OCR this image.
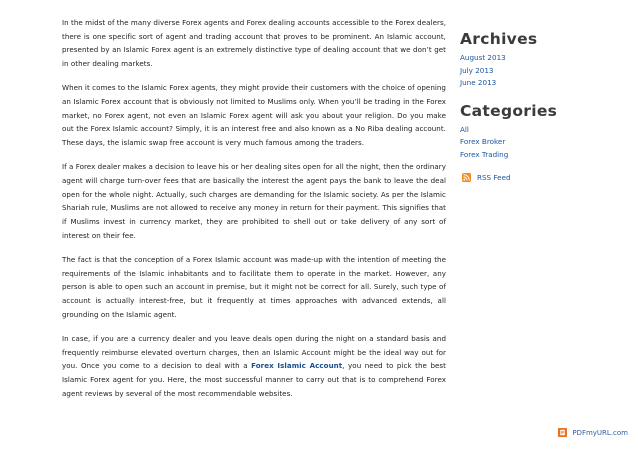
In the midst of the many diverse Forex agents and Forex dealing accounts accessible to the Forex dealers, there is one specific sort of agent and trading account that proves to be prominent. An Islamic account, presented by an Islamic Forex agent is an extremely distinctive type of dealing account that we don’t get in other dealing markets.

When it comes to the Islamic Forex agents, they might provide their customers with the choice of opening an Islamic Forex account that is obviously not limited to Muslims only. When you’ll be trading in the Forex market, no Forex agent, not even an Islamic Forex agent will ask you about your religion. Do you make out the Forex Islamic account? Simply, it is an interest free and also known as a No Riba dealing account. These days, the islamic swap free account is very much famous among the traders.

If a Forex dealer makes a decision to leave his or her dealing sites open for all the night, then the ordinary agent will charge turn-over fees that are basically the interest the agent pays the bank to leave the deal open for the whole night. Actually, such charges are demanding for the Islamic society. As per the Islamic Shariah rule, Muslims are not allowed to receive any money in return for their payment. This signifies that if Muslims invest in currency market, they are prohibited to shell out or take delivery of any sort of interest on their fee.

The fact is that the conception of a Forex Islamic account was made-up with the intention of meeting the requirements of the Islamic inhabitants and to facilitate them to operate in the market. However, any person is able to open such an account in premise, but it might not be correct for all. Surely, such type of account is actually interest-free, but it frequently at times approaches with advanced extends, all grounding on the Islamic agent.

In case, if you are a currency dealer and you leave deals open during the night on a standard basis and frequently reimburse elevated overturn charges, then an Islamic Account might be the ideal way out for you. Once you come to a decision to deal with a Forex Islamic Account, you need to pick the best Islamic Forex agent for you. Here, the most successful manner to carry out that is to comprehend Forex agent reviews by several of the most recommendable websites.

Archives
August 2013
July 2013
June 2013
Categories
All
Forex Broker
Forex Trading
RSS Feed
PDFmyURL.com
